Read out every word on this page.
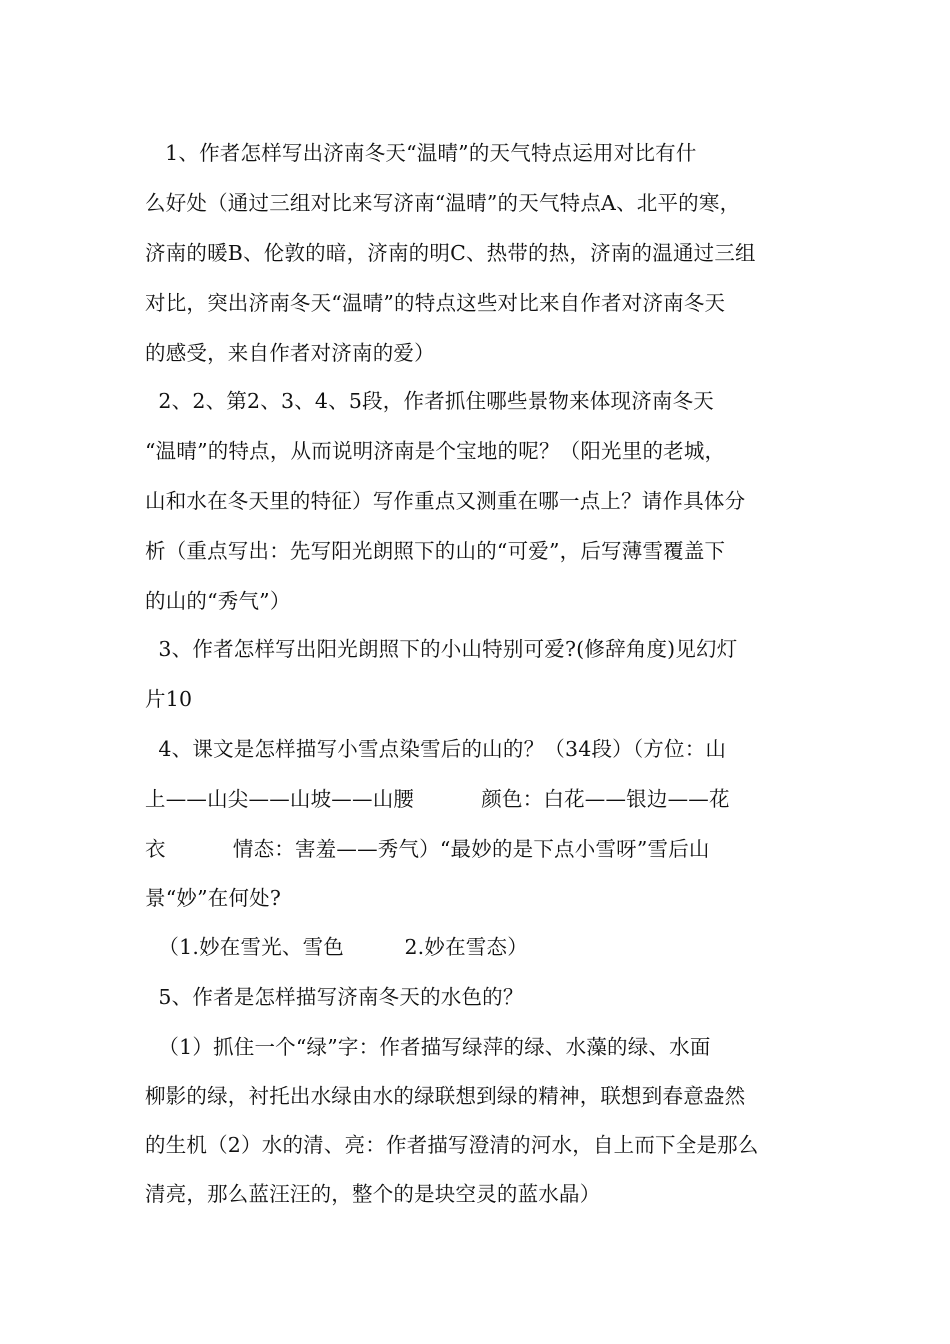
1、作者怎样写出济南冬天“温晴”的天气特点运用对比有什

么好处（通过三组对比来写济南“温晴”的天气特点A、北平的寒，

济南的暖B、伦敦的暗，济南的明C、热带的热，济南的温通过三组

对比，突出济南冬天“温晴”的特点这些对比来自作者对济南冬天

的感受，来自作者对济南的爱）

2、2、第2、3、4、5段，作者抓住哪些景物来体现济南冬天

“温晴”的特点，从而说明济南是个宝地的呢？（阳光里的老城，

山和水在冬天里的特征）写作重点又测重在哪一点上？请作具体分

析（重点写出：先写阳光朗照下的山的“可爱”，后写薄雪覆盖下

的山的“秀气”）

3、作者怎样写出阳光朗照下的小山特别可爱?(修辞角度)见幻灯

片10

4、课文是怎样描写小雪点染雪后的山的？（34段）（方位：山

上——山尖——山坡——山腰          颜色：白花——银边——花

衣          情态：害羞——秀气）“最妙的是下点小雪呀”雪后山

景“妙”在何处?

（1.妙在雪光、雪色         2.妙在雪态）

5、作者是怎样描写济南冬天的水色的？

（1）抓住一个“绿”字：作者描写绿萍的绿、水藻的绿、水面

柳影的绿，衬托出水绿由水的绿联想到绿的精神，联想到春意盎然

的生机（2）水的清、亮：作者描写澄清的河水，自上而下全是那么

清亮，那么蓝汪汪的，整个的是块空灵的蓝水晶）
